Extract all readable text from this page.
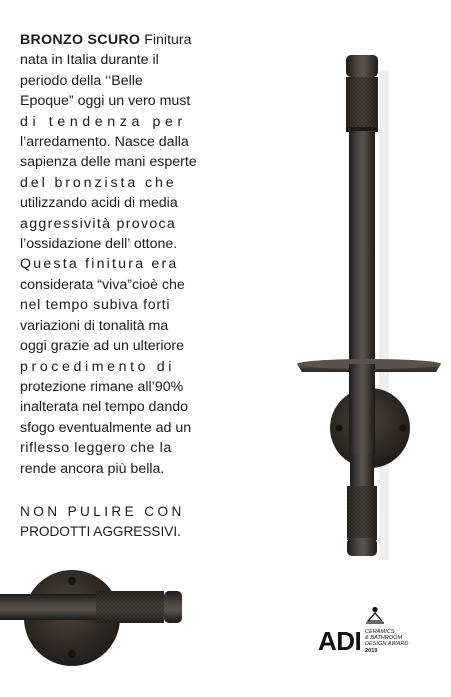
BRONZO SCURO Finitura

nata in Italia durante il

periodo della ‘‘Belle

Epoque” oggi un vero must

di tendenza per

l’arredamento. Nasce dalla

sapienza delle mani esperte

del bronzista che

utilizzando acidi di media

aggressività provoca

l’ossidazione dell’ ottone.

Questa finitura era

considerata “viva”cioè che

nel tempo subiva forti

variazioni di tonalità ma

oggi grazie ad un ulteriore

procedimento di

protezione rimane all’90%

inalterata nel tempo dando

sfogo eventualmente ad un

riflesso leggero che la

rende ancora più bella.

NON PULIRE CON
PRODOTTI AGGRESSIVI.
ADI CERAMICS
& BATHROOM
DESIGN AWARD
2019
